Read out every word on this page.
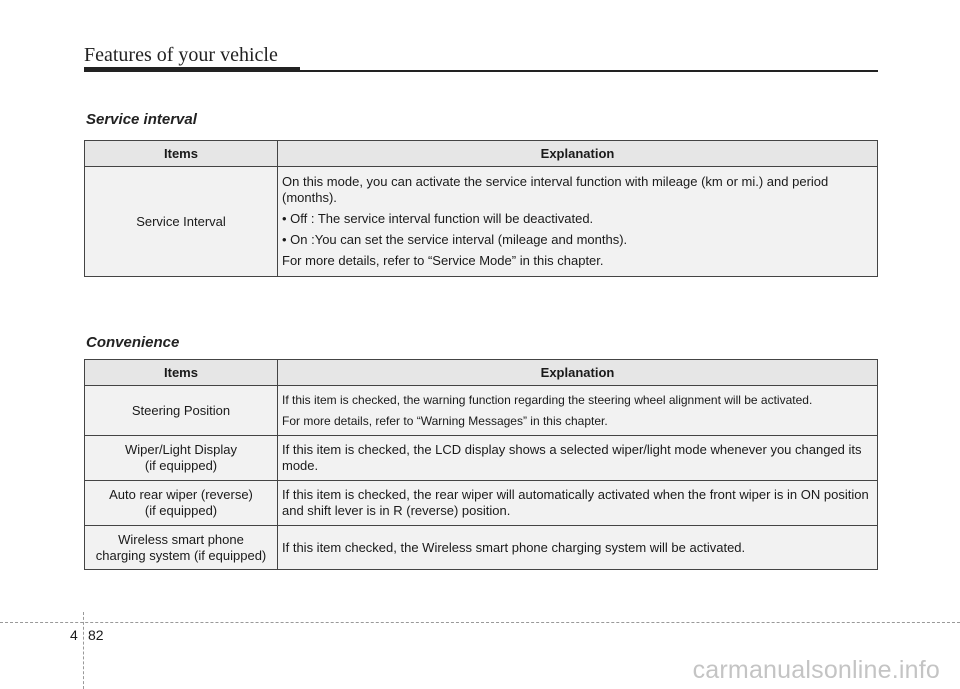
Features of your vehicle
Service interval
Items	Explanation
Service Interval	On this mode, you can activate the service interval function with mileage (km or mi.) and period (months).

• Off : The service interval function will be deactivated.

• On :You can set the service interval (mileage and months).

For more details, refer to “Service Mode” in this chapter.

Convenience
Items	Explanation

Steering Position	If this item is checked, the warning function regarding the steering wheel alignment will be activated.

For more details, refer to “Warning Messages” in this chapter.

Wiper/Light Display
(if equipped)	If this item is checked, the LCD display shows a selected wiper/light mode whenever you changed its mode.

Auto rear wiper (reverse)
(if equipped)	If this item is checked, the rear wiper will automatically activated when the front wiper is in ON position and shift lever is in R (reverse) position.

Wireless smart phone
charging system (if equipped)	If this item checked, the Wireless smart phone charging system will be activated.

4 82
carmanualsonline.info
